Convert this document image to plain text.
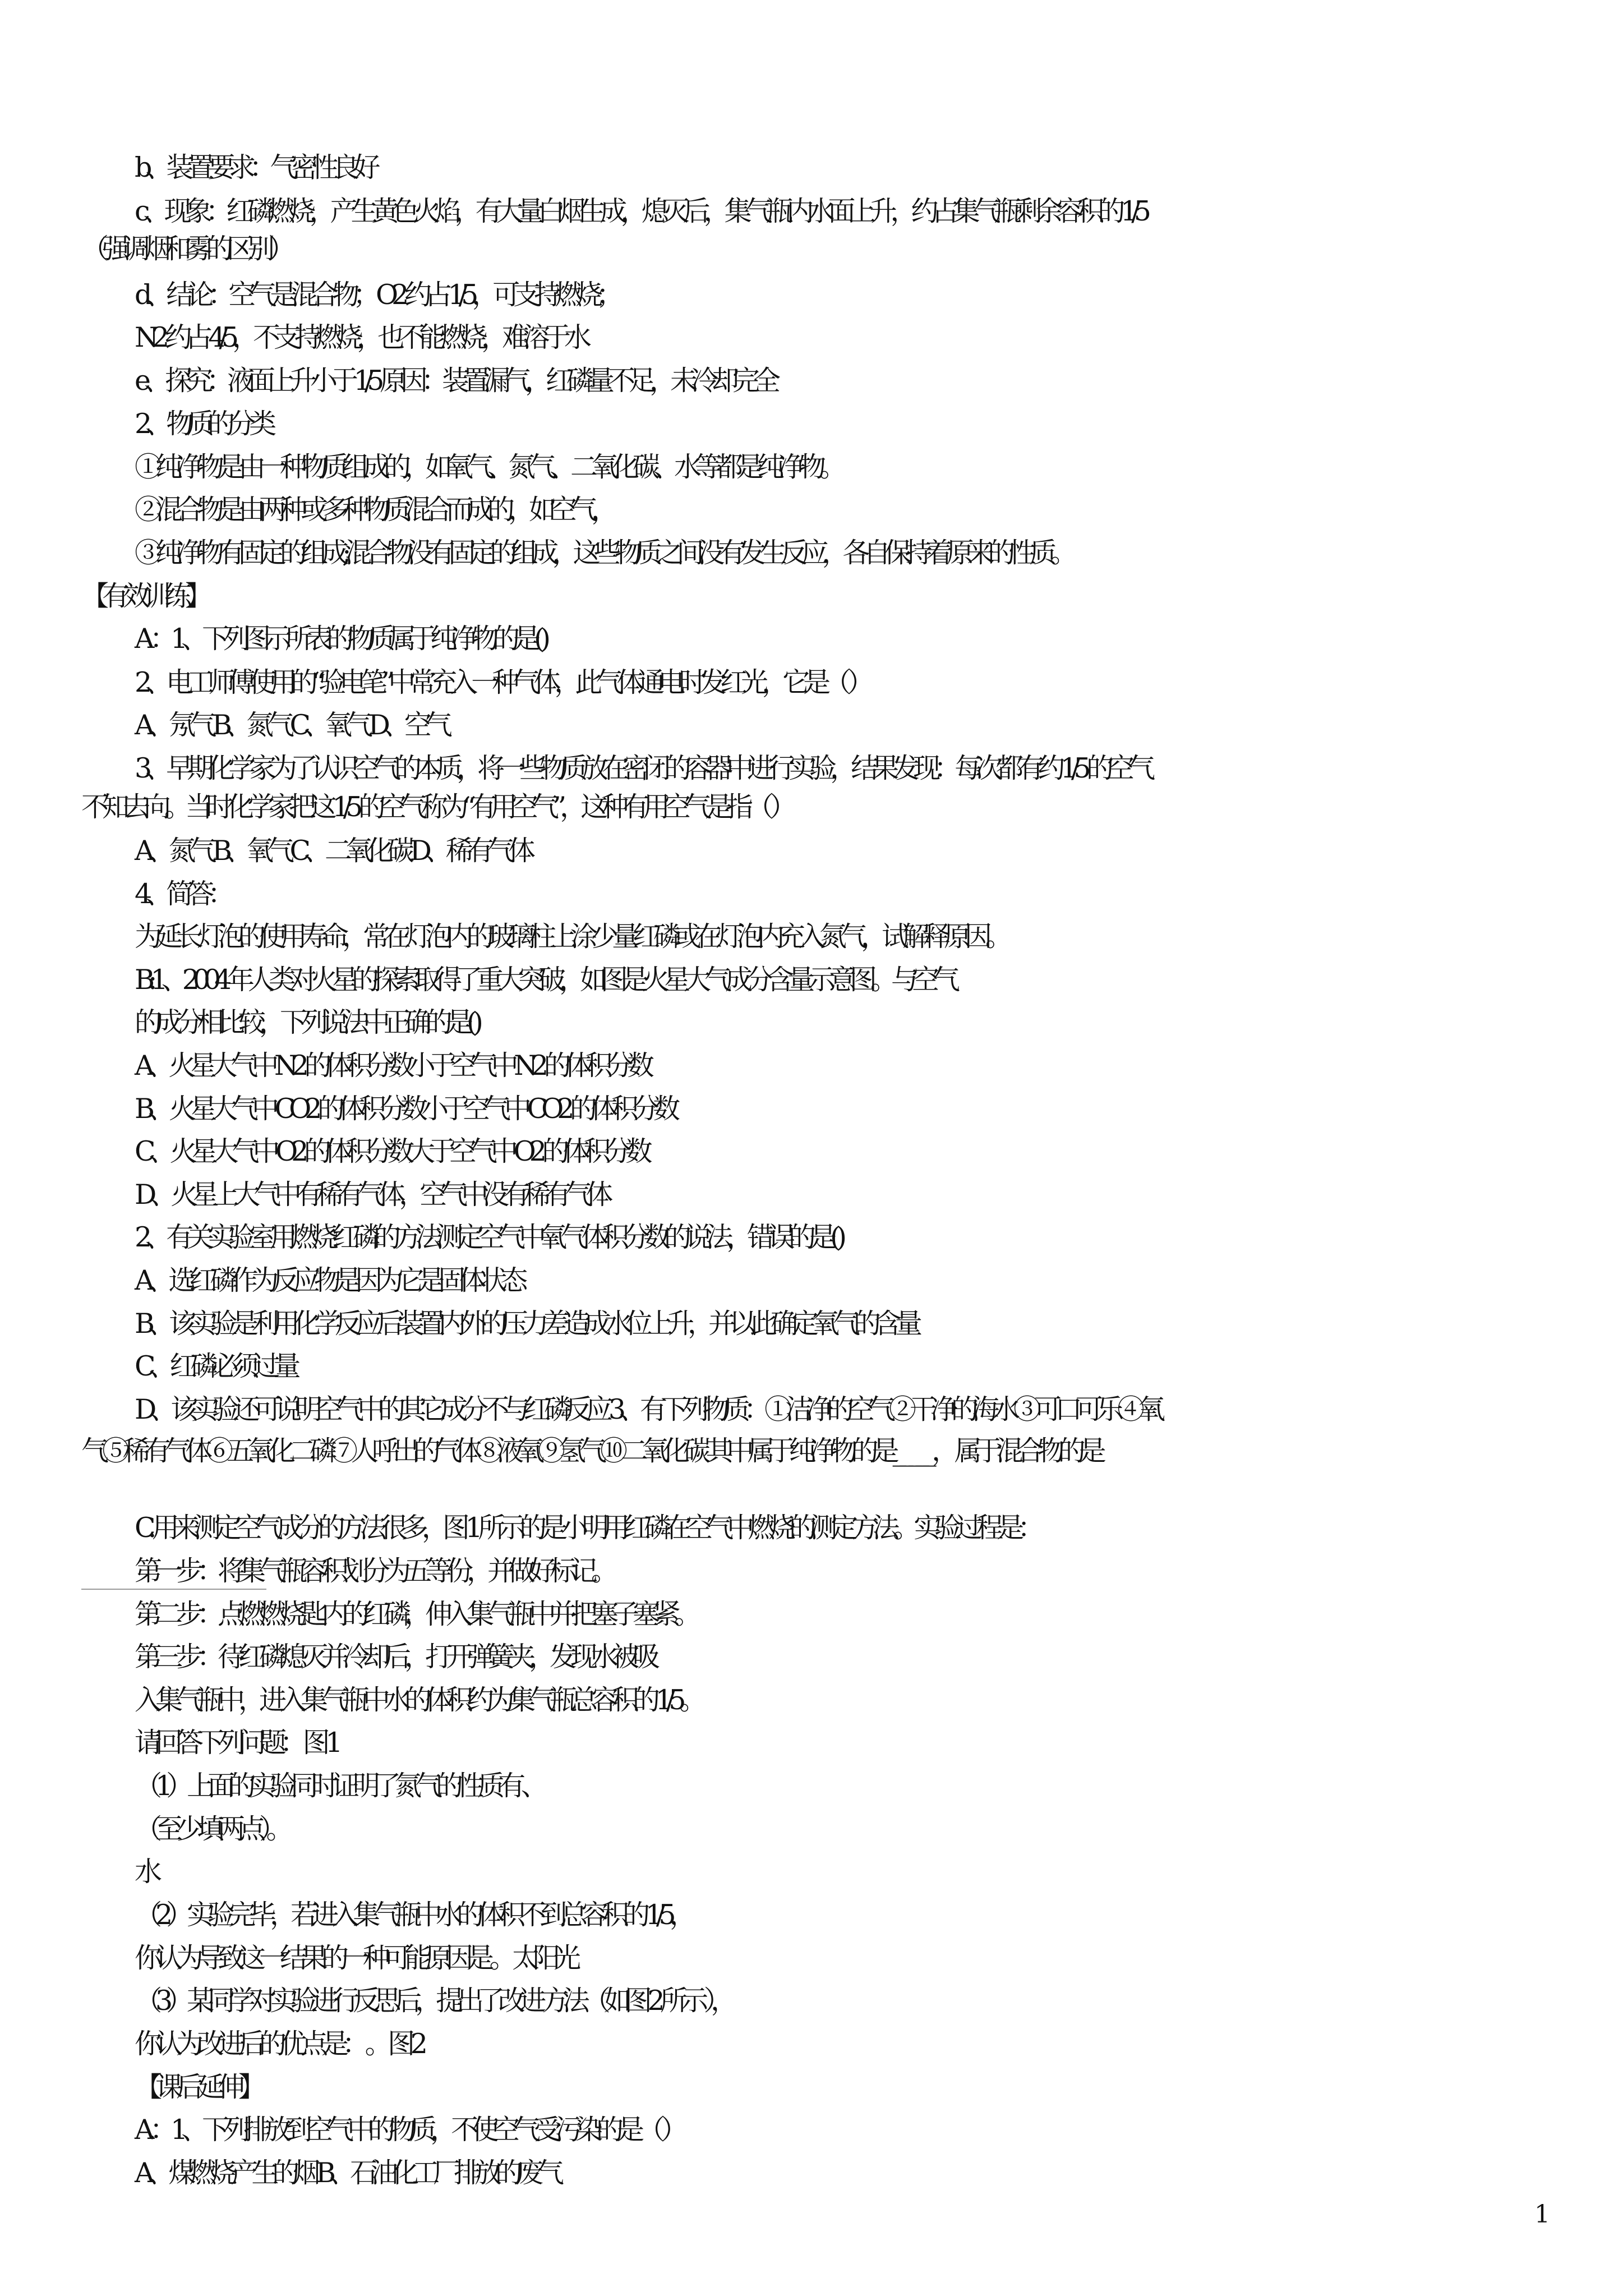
b、装置要求：气密性良好
c、现象：红磷燃烧，产生黄色火焰，有大量白烟生成，熄灭后，集气瓶内水面上升，约占集气瓶剩余容积的 1/5
（强调烟和雾的区别）
d、结论：空气是混合物； O2 约占 1/5，可支持燃烧；
N2 约占 4/5，不支持燃烧，也不能燃烧，难溶于水
e、探究：液面上升小于 1/5 原因：装置漏气，红磷量不足，未冷却完全
2、物质的分类
①纯净物是由一种物质组成的，如氧气、氮气、二氧化碳、水等都是纯净物。
②混合物是由两种或多种物质混合而成的，如空气，
③纯净物有固定的组成;混合物没有固定的组成，这些物质之间没有发生反应，各自保持着原来的性质。
【有效训练】
A ：1、下列图示所表的物质属于纯净物的是( )
2、电工师傅使用的“验电笔”中常充入一种气体，此气体通电时发红光，它是（ ）
A、氖气 B、氮气 C、氧气 D、空气
3、早期化学家为了认识空气的本质，将一些物质放在密闭的容器中进行实验，结果发现：每次都有约 1/5 的空气
不知去向。当时化学家把这 1/5 的空气称为“有用空气”，这种有用空气是指（ ）
A、氮气 B、氧气 C、二氧化碳 D、稀有气体
4、简答：
为延长灯泡的使用寿命，常在灯泡内的玻璃柱上涂少量红磷或在灯泡内充入氮气，试解释原因。
B:1、2004 年人类对火星的探索取得了重大突破，如图是火星大气成分含量示意图。与空气
的成分相比较，下列说法中正确的是( )
A、火星大气中 N2 的体积分数小于空气中 N2 的体积分数
B、火星大气中 CO2 的体积分数小于空气中 CO2 的体积分数
C、火星大气中 O2 的体积分数大于空气中 O2 的体积分数
D、火星上大气中有稀有气体，空气中没有稀有气体
2、有关实验室用燃烧红磷的方法测定空气中氧气体积分数的说法，错误的是( )
A、选红磷作为反应物是因为它是固体状态
B、该实验是利用化学反应后装置内外的压力差造成水位上升，并以此确定氧气的含量
C、红磷必须过量
D、该实验还可说明空气中的其它成分不与红磷反应 3、有下列物质：①洁净的空气②干净的海水③可口可乐④氧
气⑤稀有气体⑥五氧化二磷⑦人呼出的气体⑧液氧⑨氢气⑩二氧化碳 其中属于纯净物的是__ ___ ， 属于混合物的是
C. 用来测定空气成分的方法很多，图 1 所示的是小明用红磷在空气中燃烧的测定方法。实验过程是：
第一步：将集气瓶容积划分为五等份，并做好标记。
第二步：点燃燃烧匙内的红磷，伸入集气瓶中并把塞子塞紧。
第三步：待红磷熄灭并冷却后，打开弹簧夹，发现水被吸
入集气瓶中，进入集气瓶中水的体积约为集气瓶总容积的 1/5。
请回答下列问题： 图 1
（1）上面的实验同时证明了氮气的性质有 、
（至少填两点）。
水
（2）实验完毕，若进入集气瓶中水的体积不到总容积的 1/5，
你认为导致这一结果的一种可能原因是 。 太阳光
（3）某同学对实验进行反思后，提出了改进 方法（如图 2 所示 ），
你认为改进后的优点是： 。 图 2
【课后延伸】
A.：1、下列排放到空气中的物质，不使空气受污染的是（ ）
A、煤燃烧产生的烟 B、石油化工厂排放的废气
1
